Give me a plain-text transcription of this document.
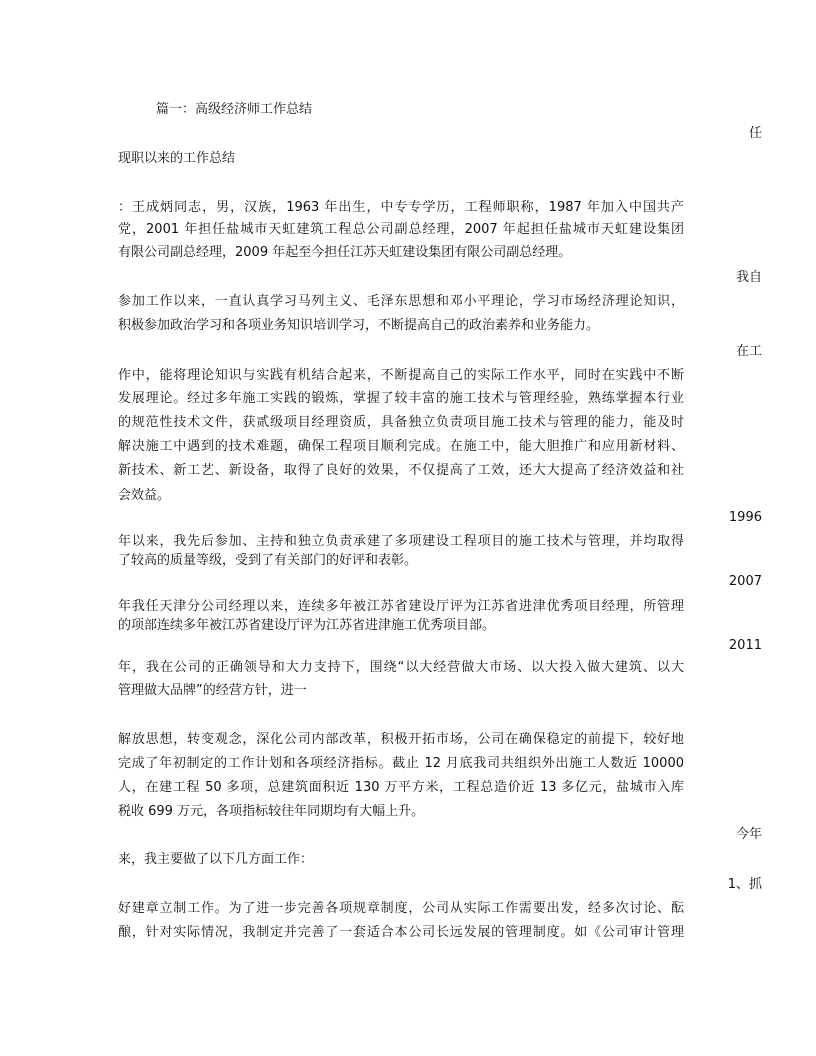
篇一：高级经济师工作总结
任
现职以来的工作总结
：王成炳同志，男，汉族，1963 年出生，中专专学历，工程师职称，1987 年加入中国共产
党，2001 年担任盐城市天虹建筑工程总公司副总经理，2007 年起担任盐城市天虹建设集团
有限公司副总经理，2009 年起至今担任江苏天虹建设集团有限公司副总经理。
我自
参加工作以来，一直认真学习马列主义、毛泽东思想和邓小平理论，学习市场经济理论知识，
积极参加政治学习和各项业务知识培训学习，不断提高自己的政治素养和业务能力。
在工
作中，能将理论知识与实践有机结合起来，不断提高自己的实际工作水平，同时在实践中不断
发展理论。经过多年施工实践的锻炼，掌握了较丰富的施工技术与管理经验，熟练掌握本行业
的规范性技术文件，获贰级项目经理资质，具备独立负责项目施工技术与管理的能力，能及时
解决施工中遇到的技术难题，确保工程项目顺利完成。在施工中，能大胆推广和应用新材料、
新技术、新工艺、新设备，取得了良好的效果，不仅提高了工效，还大大提高了经济效益和社
会效益。
1996
年以来，我先后参加、主持和独立负责承建了多项建设工程项目的施工技术与管理，并均取得
了较高的质量等级，受到了有关部门的好评和表彰。
2007
年我任天津分公司经理以来，连续多年被江苏省建设厅评为江苏省进津优秀项目经理，所管理
的项部连续多年被江苏省建设厅评为江苏省进津施工优秀项目部。
2011
年，我在公司的正确领导和大力支持下，围绕“以大经营做大市场、以大投入做大建筑、以大
管理做大品牌”的经营方针，进一
解放思想，转变观念，深化公司内部改革，积极开拓市场，公司在确保稳定的前提下，较好地
完成了年初制定的工作计划和各项经济指标。截止 12 月底我司共组织外出施工人数近 10000
人，在建工程 50 多项，总建筑面积近 130 万平方米，工程总造价近 13 多亿元，盐城市入库
税收 699 万元，各项指标较往年同期均有大幅上升。
今年
来，我主要做了以下几方面工作：
1、抓
好建章立制工作。为了进一步完善各项规章制度，公司从实际工作需要出发，经多次讨论、酝
酿，针对实际情况，我制定并完善了一套适合本公司长远发展的管理制度。如《公司审计管理
